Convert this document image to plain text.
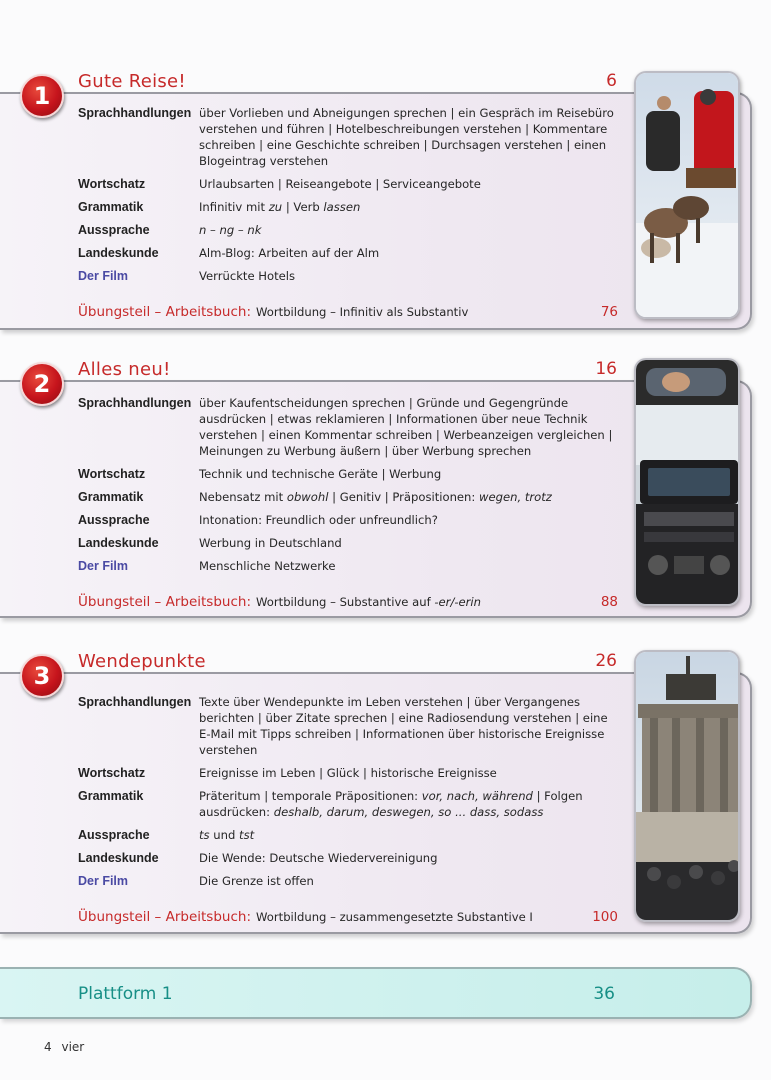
1
Gute Reise!	6
Sprachhandlungen über Vorlieben und Abneigungen sprechen | ein Gespräch im Reisebüro verstehen und führen | Hotelbeschreibungen verstehen | Kommentare schreiben | eine Geschichte schreiben | Durchsagen verstehen | einen Blogeintrag verstehen
Wortschatz	Urlaubsarten | Reiseangebote | Serviceangebote
Grammatik	Infinitiv mit zu | Verb lassen
Aussprache	n – ng – nk
Landeskunde	Alm-Blog: Arbeiten auf der Alm
Der Film	Verrückte Hotels
Übungsteil – Arbeitsbuch: Wortbildung – Infinitiv als Substantiv	76
2
Alles neu!	16
Sprachhandlungen über Kaufentscheidungen sprechen | Gründe und Gegengründe ausdrücken | etwas reklamieren | Informationen über neue Technik verstehen | einen Kommentar schreiben | Werbeanzeigen vergleichen | Meinungen zu Werbung äußern | über Werbung sprechen
Wortschatz	Technik und technische Geräte | Werbung
Grammatik	Nebensatz mit obwohl | Genitiv | Präpositionen: wegen, trotz
Aussprache	Intonation: Freundlich oder unfreundlich?
Landeskunde	Werbung in Deutschland
Der Film	Menschliche Netzwerke
Übungsteil – Arbeitsbuch: Wortbildung – Substantive auf -er/-erin	88
3
Wendepunkte	26
Sprachhandlungen Texte über Wendepunkte im Leben verstehen | über Vergangenes berichten | über Zitate sprechen | eine Radiosendung verstehen | eine E-Mail mit Tipps schreiben | Informationen über historische Ereignisse verstehen
Wortschatz	Ereignisse im Leben | Glück | historische Ereignisse
Grammatik	Präteritum | temporale Präpositionen: vor, nach, während | Folgen ausdrücken: deshalb, darum, deswegen, so ... dass, sodass
Aussprache	ts und tst
Landeskunde	Die Wende: Deutsche Wiedervereinigung
Der Film	Die Grenze ist offen
Übungsteil – Arbeitsbuch: Wortbildung – zusammengesetzte Substantive I	100
Plattform 1	36
4 vier
